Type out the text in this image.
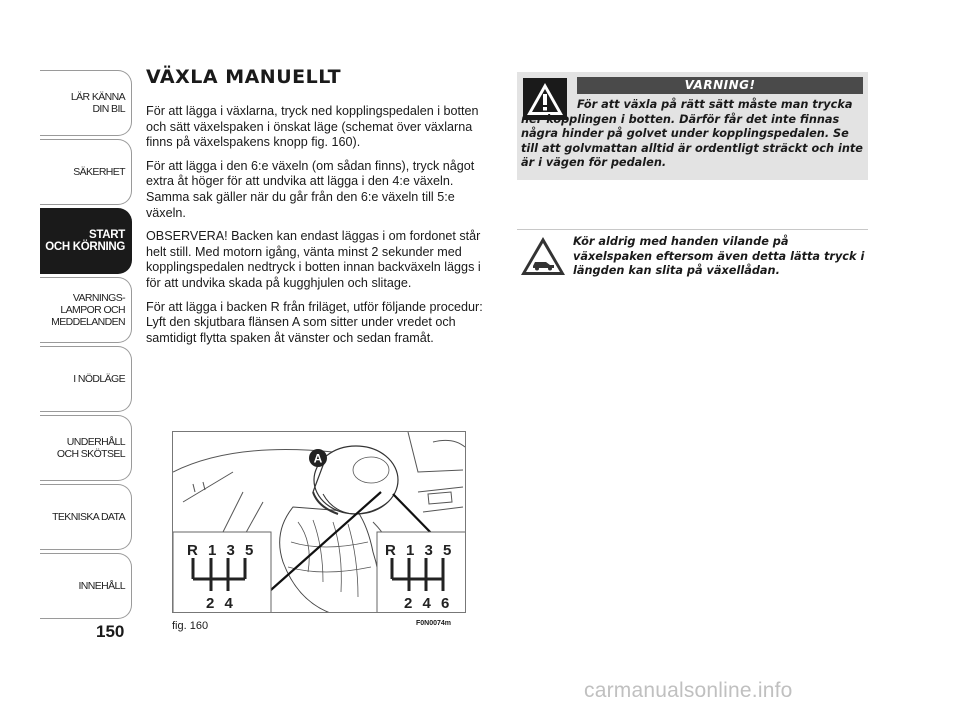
LÄR KÄNNA
DIN BIL
SÄKERHET
START
OCH KÖRNING
VARNINGS-
LAMPOR OCH
MEDDELANDEN
I NÖDLÄGE
UNDERHÅLL
OCH SKÖTSEL
TEKNISKA DATA
INNEHÅLL
150
VÄXLA MANUELLT

För att lägga i växlarna, tryck ned kopplingspedalen i botten och sätt växelspaken i önskat läge (schemat över växlarna finns på växelspakens knopp fig. 160).

För att lägga i den 6:e växeln (om sådan finns), tryck något extra åt höger för att undvika att lägga i den 4:e växeln. Samma sak gäller när du går från den 6:e växeln till 5:e växeln.

OBSERVERA! Backen kan endast läggas i om fordonet står helt still. Med motorn igång, vänta minst 2 sekunder med kopplingspedalen nedtryck i botten innan backväxeln läggs i för att undvika skada på kugghjulen och slitage.

För att lägga i backen R från friläget, utför följande procedur: Lyft den skjutbara flänsen A som sitter under vredet och samtidigt flytta spaken åt vänster och sedan framåt.

VARNING!

För att växla på rätt sätt måste man trycka ner kopplingen i botten. Därför får det inte finnas några hinder på golvet under kopplingspedalen. Se till att golvmattan alltid är ordentligt sträckt och inte är i vägen för pedalen.

Kör aldrig med handen vilande på växelspaken eftersom även detta lätta tryck i längden kan slita på växellådan.

R 1 3 5
2 4
R 1 3 5
2 4 6
A
fig. 160	F0N0074m
carmanualsonline.info
